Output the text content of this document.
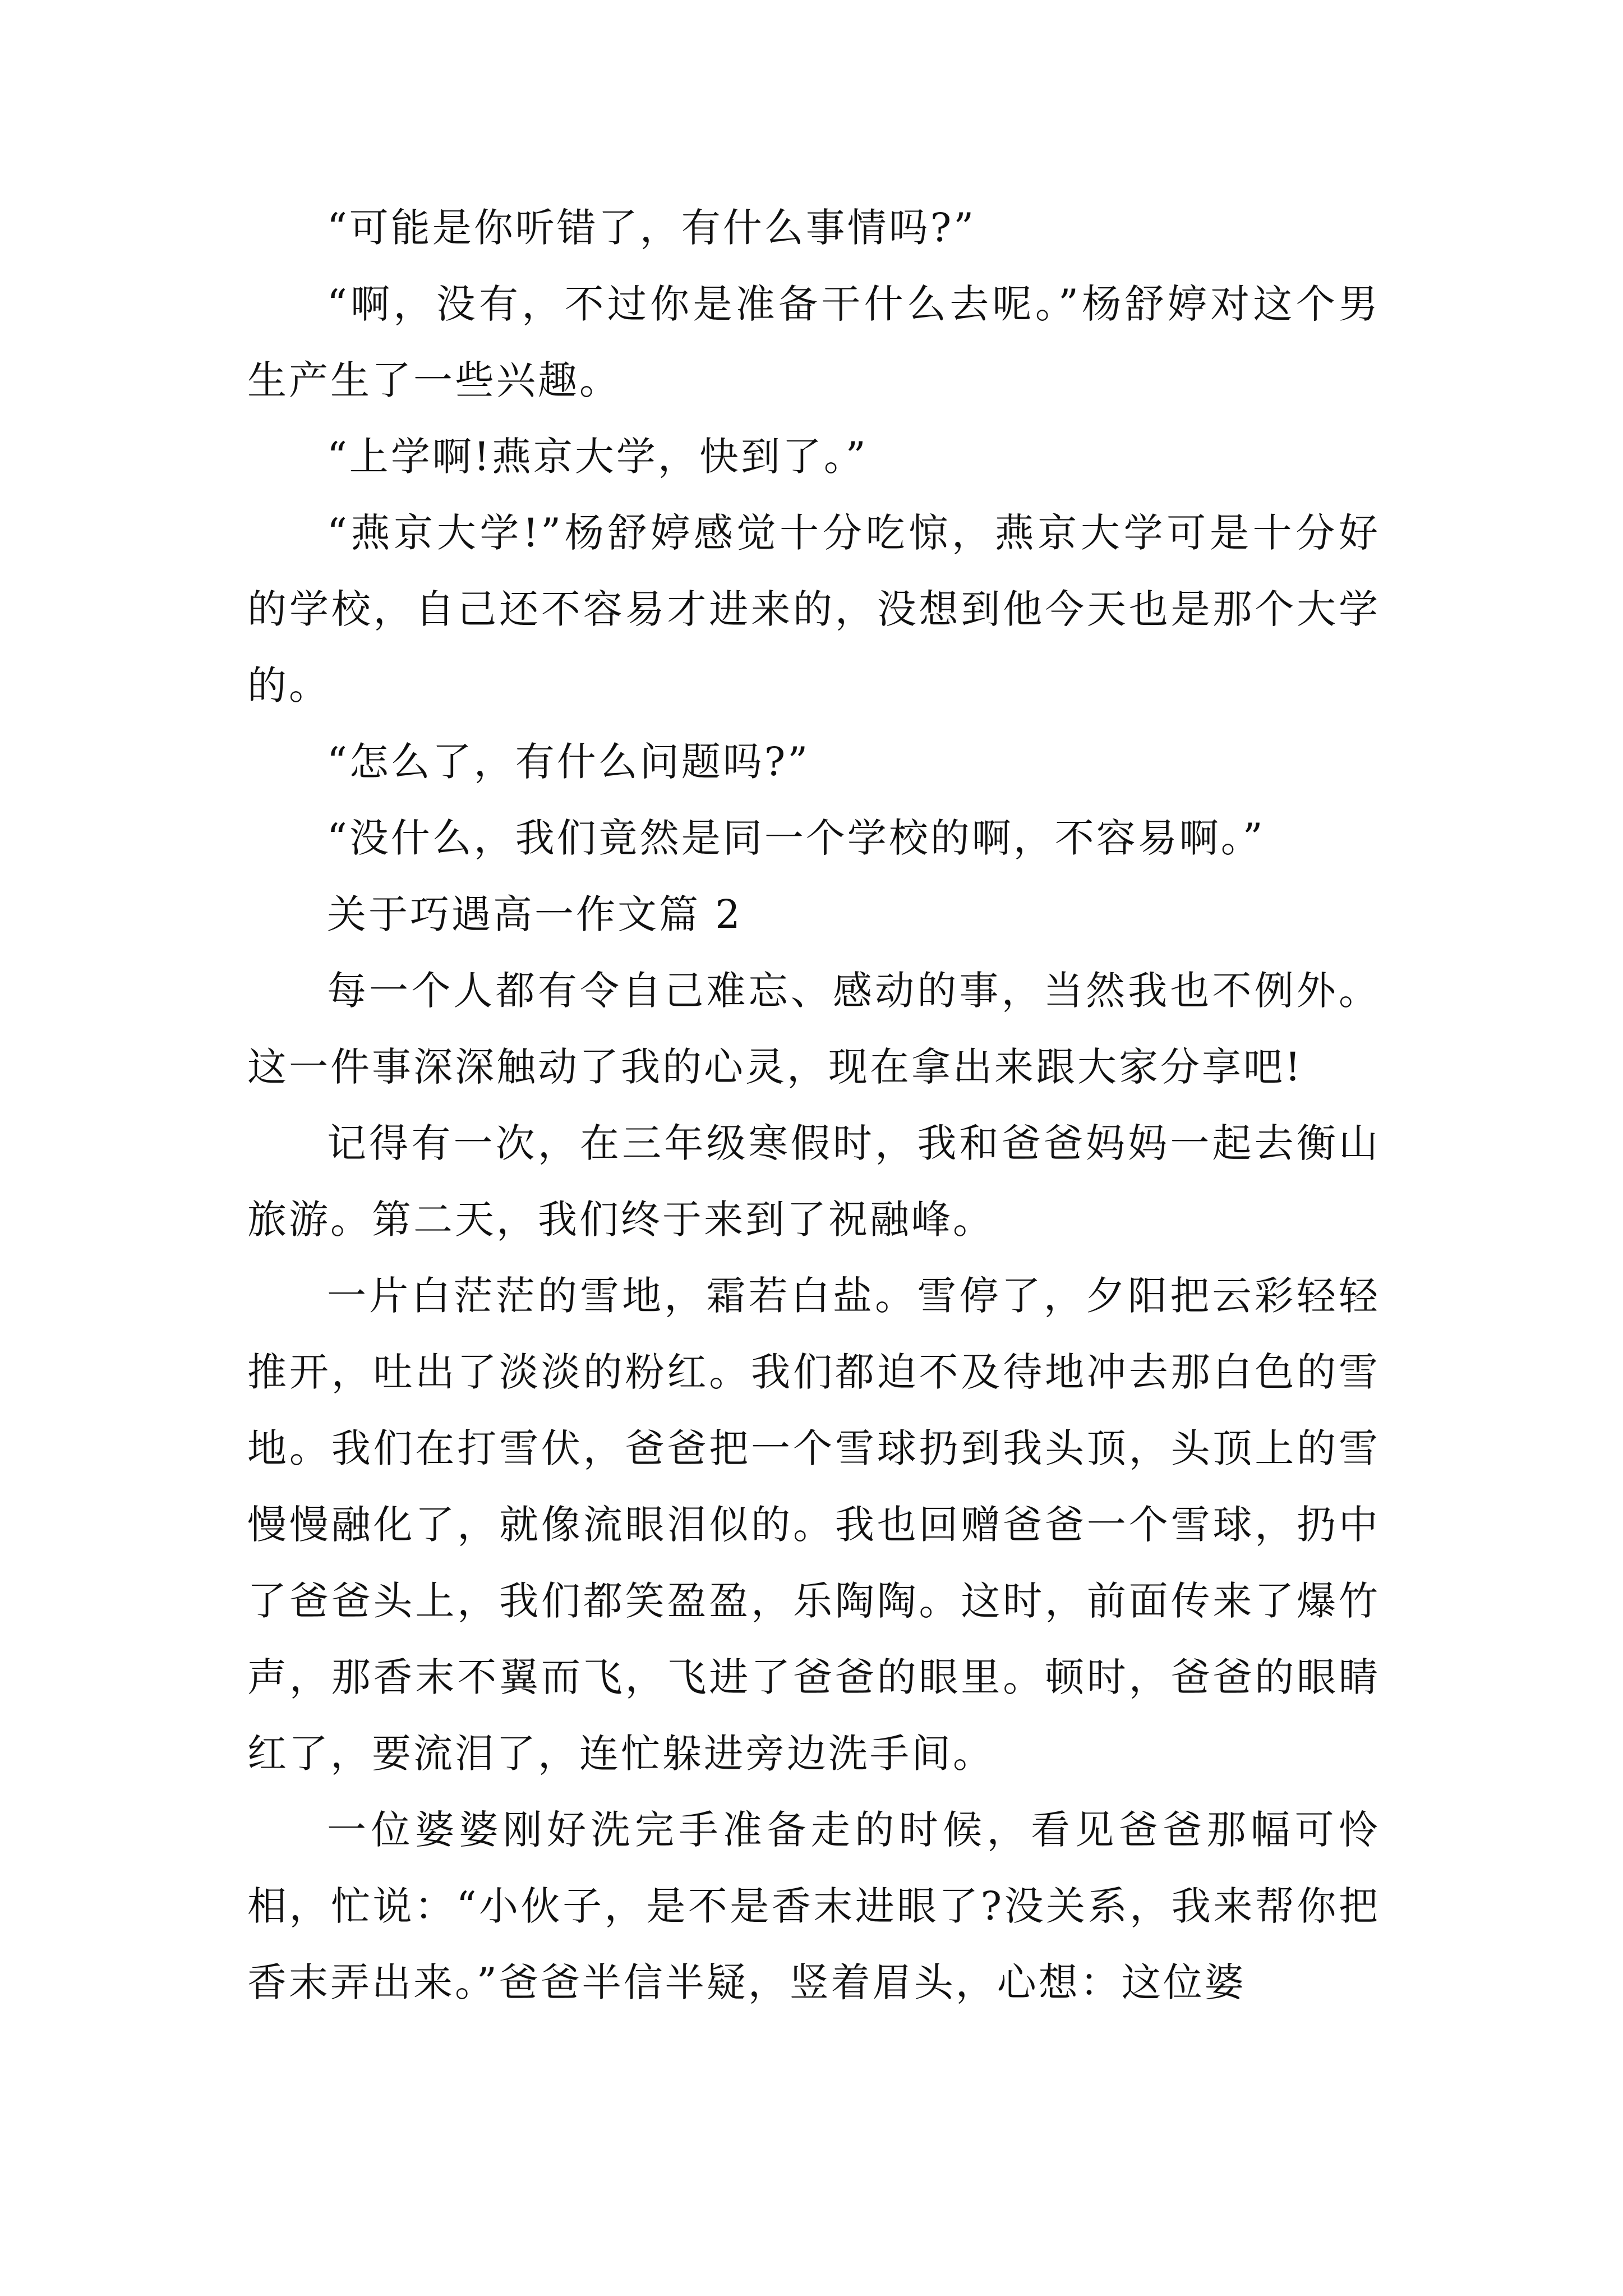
“可能是你听错了，有什么事情吗?”

“啊，没有，不过你是准备干什么去呢。”杨舒婷对这个男生产生了一些兴趣。

“上学啊!燕京大学，快到了。”

“燕京大学!”杨舒婷感觉十分吃惊，燕京大学可是十分好的学校，自己还不容易才进来的，没想到他今天也是那个大学的。

“怎么了，有什么问题吗?”

“没什么，我们竟然是同一个学校的啊，不容易啊。”

关于巧遇高一作文篇 2

每一个人都有令自己难忘、感动的事，当然我也不例外。这一件事深深触动了我的心灵，现在拿出来跟大家分享吧!

记得有一次，在三年级寒假时，我和爸爸妈妈一起去衡山旅游。第二天，我们终于来到了祝融峰。

一片白茫茫的雪地，霜若白盐。雪停了，夕阳把云彩轻轻推开，吐出了淡淡的粉红。我们都迫不及待地冲去那白色的雪地。我们在打雪伏，爸爸把一个雪球扔到我头顶，头顶上的雪慢慢融化了，就像流眼泪似的。我也回赠爸爸一个雪球，扔中了爸爸头上，我们都笑盈盈，乐陶陶。这时，前面传来了爆竹声，那香末不翼而飞，飞进了爸爸的眼里。顿时，爸爸的眼睛红了，要流泪了，连忙躲进旁边洗手间。

一位婆婆刚好洗完手准备走的时候，看见爸爸那幅可怜相，忙说：“小伙子，是不是香末进眼了?没关系，我来帮你把香末弄出来。”爸爸半信半疑，竖着眉头，心想：这位婆
